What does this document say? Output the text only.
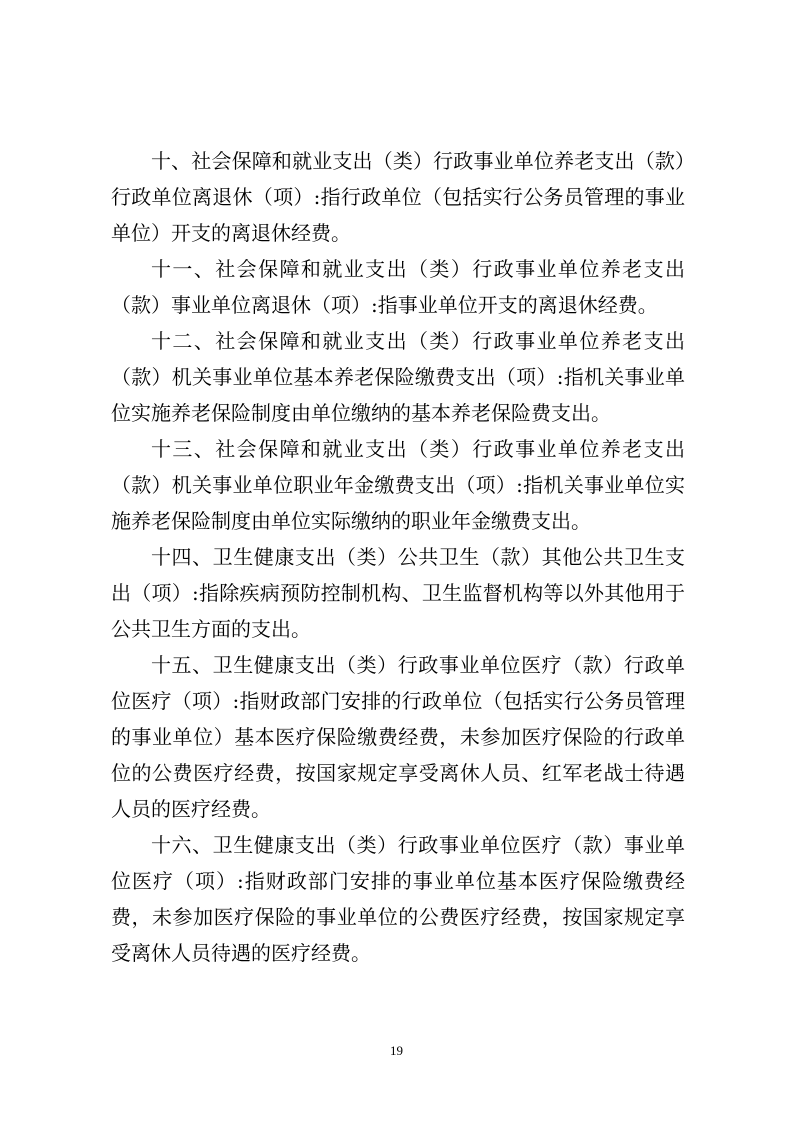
十、社会保障和就业支出（类）行政事业单位养老支出（款）行政单位离退休（项）:指行政单位（包括实行公务员管理的事业单位）开支的离退休经费。

十一、社会保障和就业支出（类）行政事业单位养老支出（款）事业单位离退休（项）:指事业单位开支的离退休经费。

十二、社会保障和就业支出（类）行政事业单位养老支出（款）机关事业单位基本养老保险缴费支出（项）:指机关事业单位实施养老保险制度由单位缴纳的基本养老保险费支出。

十三、社会保障和就业支出（类）行政事业单位养老支出（款）机关事业单位职业年金缴费支出（项）:指机关事业单位实施养老保险制度由单位实际缴纳的职业年金缴费支出。

十四、卫生健康支出（类）公共卫生（款）其他公共卫生支出（项）:指除疾病预防控制机构、卫生监督机构等以外其他用于公共卫生方面的支出。

十五、卫生健康支出（类）行政事业单位医疗（款）行政单位医疗（项）:指财政部门安排的行政单位（包括实行公务员管理的事业单位）基本医疗保险缴费经费，未参加医疗保险的行政单位的公费医疗经费，按国家规定享受离休人员、红军老战士待遇人员的医疗经费。

十六、卫生健康支出（类）行政事业单位医疗（款）事业单位医疗（项）:指财政部门安排的事业单位基本医疗保险缴费经费，未参加医疗保险的事业单位的公费医疗经费，按国家规定享受离休人员待遇的医疗经费。

19
